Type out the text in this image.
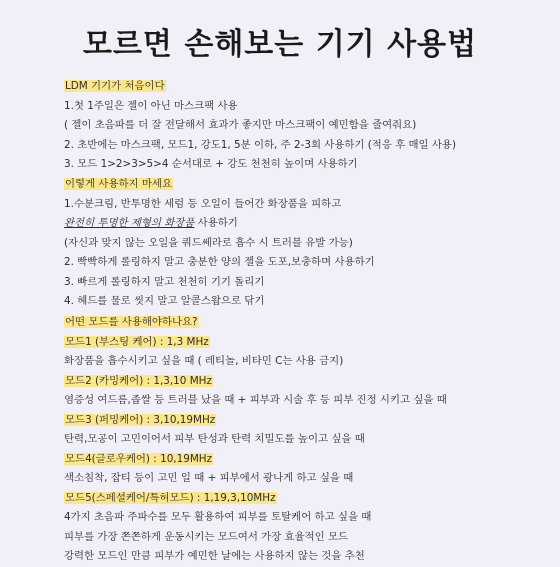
모르면 손해보는 기기 사용법
LDM 기기가 처음이다
1.첫 1주일은 젤이 아닌 마스크팩 사용
( 젤이 초음파를 더 잘 전달해서 효과가 좋지만 마스크팩이 예민함을 줄여줘요)
2. 초반에는 마스크팩, 모드1, 강도1, 5분 이하, 주 2-3회 사용하기 (적응 후 매일 사용)
3. 모드 1>2>3>5>4 순서대로 + 강도 천천히 높이며 사용하기
이렇게 사용하지 마세요
1.수분크림, 반투명한 세럼 등 오일이 들어간 화장품을 피하고
완전히 투명한 제형의 화장품 사용하기
(자신과 맞지 않는 오일을 쿼드쎄라로 흡수 시 트러블 유발 가능)
2. 빡빡하게 롤링하지 말고 충분한 양의 젤을 도포,보충하며 사용하기
3. 빠르게 롤링하지 말고 천천히 기기 돌리기
4. 헤드를 물로 씻지 말고 알콜스왑으로 닦기
어떤 모드를 사용해야하나요?
모드1 (부스팅 케어) : 1,3 MHz
화장품을 흡수시키고 싶을 때 ( 레티놀, 비타민 C는 사용 금지)
모드2 (카밍케어) : 1,3,10 MHz
염증성 여드름,좁쌀 등 트러블 났을 때 + 피부과 시술 후 등 피부 진정 시키고 싶을 때
모드3 (퍼밍케어) : 3,10,19MHz
탄력,모공이 고민이어서 피부 탄성과 탄력 치밀도를 높이고 싶을 때
모드4(글로우케어) : 10,19MHz
색소침착, 잡티 등이 고민 일 때 + 피부에서 광나게 하고 싶을 때
모드5(스페셜케어/특허모드) : 1,19,3,10MHz
4가지 초음파 주파수를 모두 활용하여 피부를 토탈케어 하고 싶을 때
피부를 가장 쫀쫀하게 운동시키는 모드여서 가장 효율적인 모드
강력한 모드인 만큼 피부가 예민한 날에는 사용하지 않는 것을 추천
